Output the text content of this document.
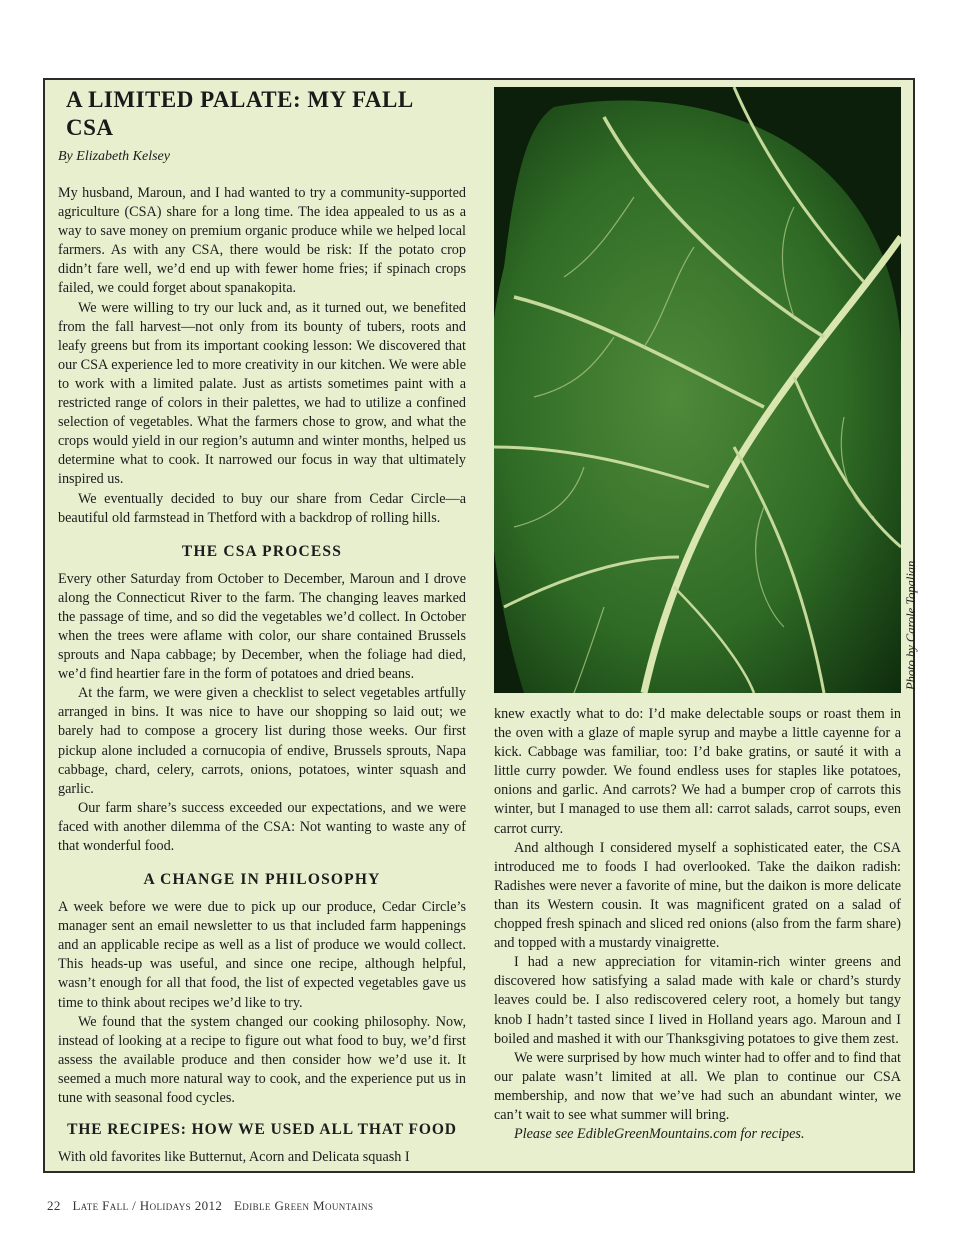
A LIMITED PALATE: MY FALL CSA
By Elizabeth Kelsey

My husband, Maroun, and I had wanted to try a community-supported agriculture (CSA) share for a long time. The idea appealed to us as a way to save money on premium organic produce while we helped local farmers. As with any CSA, there would be risk: If the potato crop didn’t fare well, we’d end up with fewer home fries; if spinach crops failed, we could forget about spanakopita.

We were willing to try our luck and, as it turned out, we benefited from the fall harvest—not only from its bounty of tubers, roots and leafy greens but from its important cooking lesson: We discovered that our CSA experience led to more creativity in our kitchen. We were able to work with a limited palate. Just as artists sometimes paint with a restricted range of colors in their palettes, we had to utilize a confined selection of vegetables. What the farmers chose to grow, and what the crops would yield in our region’s autumn and winter months, helped us determine what to cook. It narrowed our focus in way that ultimately inspired us.

We eventually decided to buy our share from Cedar Circle—a beautiful old farmstead in Thetford with a backdrop of rolling hills.

THE CSA PROCESS

Every other Saturday from October to December, Maroun and I drove along the Connecticut River to the farm. The changing leaves marked the passage of time, and so did the vegetables we’d collect. In October when the trees were aflame with color, our share contained Brussels sprouts and Napa cabbage; by December, when the foliage had died, we’d find heartier fare in the form of potatoes and dried beans.

At the farm, we were given a checklist to select vegetables artfully arranged in bins. It was nice to have our shopping so laid out; we barely had to compose a grocery list during those weeks. Our first pickup alone included a cornucopia of endive, Brussels sprouts, Napa cabbage, chard, celery, carrots, onions, potatoes, winter squash and garlic.

Our farm share’s success exceeded our expectations, and we were faced with another dilemma of the CSA: Not wanting to waste any of that wonderful food.

A CHANGE IN PHILOSOPHY

A week before we were due to pick up our produce, Cedar Circle’s manager sent an email newsletter to us that included farm happenings and an applicable recipe as well as a list of produce we would collect. This heads-up was useful, and since one recipe, although helpful, wasn’t enough for all that food, the list of expected vegetables gave us time to think about recipes we’d like to try.

We found that the system changed our cooking philosophy. Now, instead of looking at a recipe to figure out what food to buy, we’d first assess the available produce and then consider how we’d use it. It seemed a much more natural way to cook, and the experience put us in tune with seasonal food cycles.

THE RECIPES: HOW WE USED ALL THAT FOOD

With old favorites like Butternut, Acorn and Delicata squash I

Photo by Carole Topalian

knew exactly what to do: I’d make delectable soups or roast them in the oven with a glaze of maple syrup and maybe a little cayenne for a kick. Cabbage was familiar, too: I’d bake gratins, or sauté it with a little curry powder. We found endless uses for staples like potatoes, onions and garlic. And carrots? We had a bumper crop of carrots this winter, but I managed to use them all: carrot salads, carrot soups, even carrot curry.

And although I considered myself a sophisticated eater, the CSA introduced me to foods I had overlooked. Take the daikon radish: Radishes were never a favorite of mine, but the daikon is more delicate than its Western cousin. It was magnificent grated on a salad of chopped fresh spinach and sliced red onions (also from the farm share) and topped with a mustardy vinaigrette.

I had a new appreciation for vitamin-rich winter greens and discovered how satisfying a salad made with kale or chard’s sturdy leaves could be. I also rediscovered celery root, a homely but tangy knob I hadn’t tasted since I lived in Holland years ago. Maroun and I boiled and mashed it with our Thanksgiving potatoes to give them zest.

We were surprised by how much winter had to offer and to find that our palate wasn’t limited at all. We plan to continue our CSA membership, and now that we’ve had such an abundant winter, we can’t wait to see what summer will bring.

Please see EdibleGreenMountains.com for recipes.

22 Late Fall / Holidays 2012 Edible Green Mountains
